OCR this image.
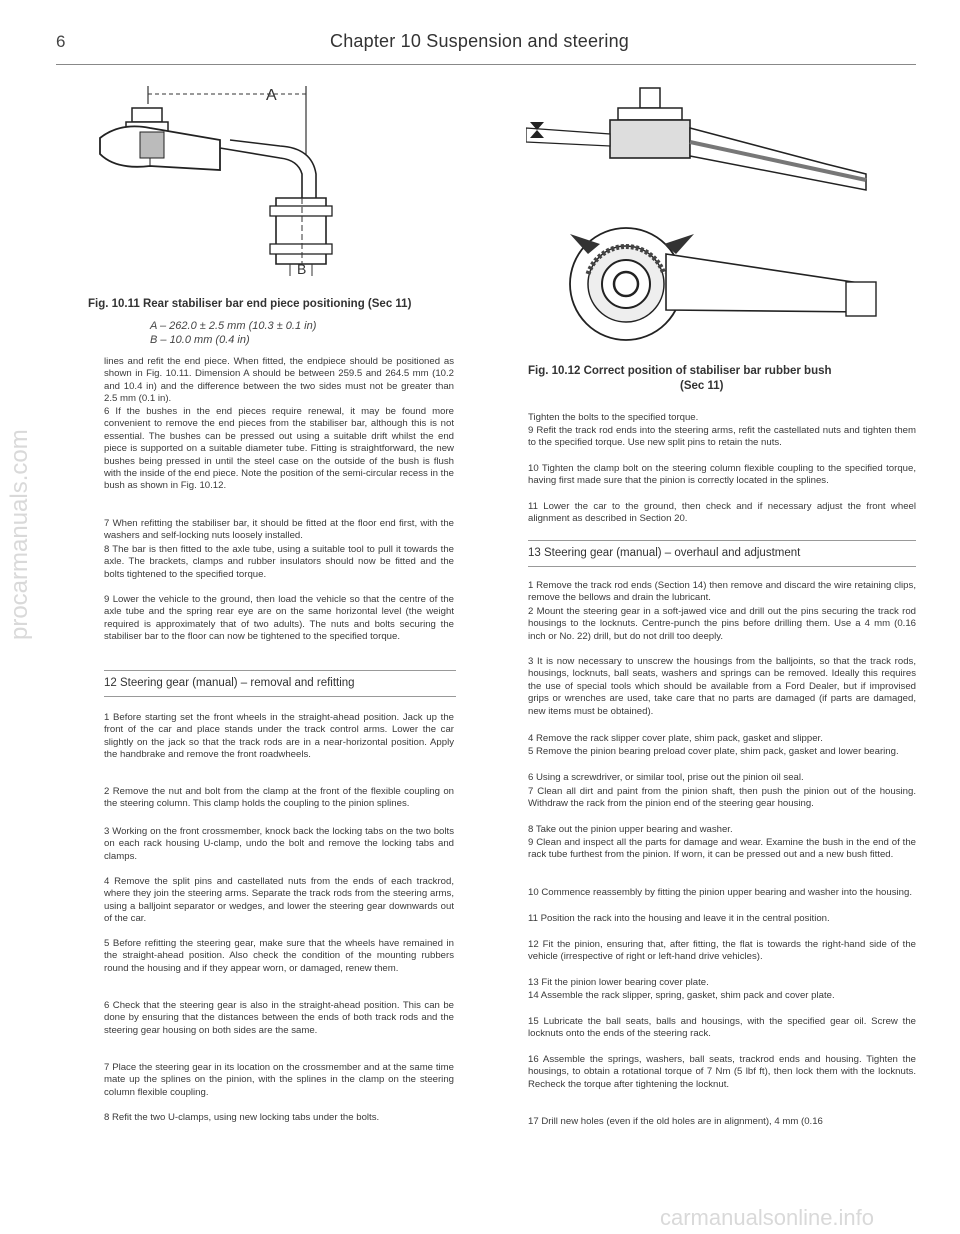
6	Chapter 10 Suspension and steering
A
B
Fig. 10.11 Rear stabiliser bar end piece positioning (Sec 11)
A – 262.0 ± 2.5 mm (10.3 ± 0.1 in)
B – 10.0 mm (0.4 in)
Fig. 10.12 Correct position of stabiliser bar rubber bush
(Sec 11)
lines and refit the end piece. When fitted, the endpiece should be positioned as shown in Fig. 10.11. Dimension A should be between 259.5 and 264.5 mm (10.2 and 10.4 in) and the difference between the two sides must not be greater than 2.5 mm (0.1 in).
6 If the bushes in the end pieces require renewal, it may be found more convenient to remove the end pieces from the stabiliser bar, although this is not essential. The bushes can be pressed out using a suitable drift whilst the end piece is supported on a suitable diameter tube. Fitting is straightforward, the new bushes being pressed in until the steel case on the outside of the bush is flush with the inside of the end piece. Note the position of the semi-circular recess in the bush as shown in Fig. 10.12.
7 When refitting the stabiliser bar, it should be fitted at the floor end first, with the washers and self-locking nuts loosely installed.
8 The bar is then fitted to the axle tube, using a suitable tool to pull it towards the axle. The brackets, clamps and rubber insulators should now be fitted and the bolts tightened to the specified torque.
9 Lower the vehicle to the ground, then load the vehicle so that the centre of the axle tube and the spring rear eye are on the same horizontal level (the weight required is approximately that of two adults). The nuts and bolts securing the stabiliser bar to the floor can now be tightened to the specified torque.
12 Steering gear (manual) – removal and refitting
1 Before starting set the front wheels in the straight-ahead position. Jack up the front of the car and place stands under the track control arms. Lower the car slightly on the jack so that the track rods are in a near-horizontal position. Apply the handbrake and remove the front roadwheels.
2 Remove the nut and bolt from the clamp at the front of the flexible coupling on the steering column. This clamp holds the coupling to the pinion splines.
3 Working on the front crossmember, knock back the locking tabs on the two bolts on each rack housing U-clamp, undo the bolt and remove the locking tabs and clamps.
4 Remove the split pins and castellated nuts from the ends of each trackrod, where they join the steering arms. Separate the track rods from the steering arms, using a balljoint separator or wedges, and lower the steering gear downwards out of the car.
5 Before refitting the steering gear, make sure that the wheels have remained in the straight-ahead position. Also check the condition of the mounting rubbers round the housing and if they appear worn, or damaged, renew them.
6 Check that the steering gear is also in the straight-ahead position. This can be done by ensuring that the distances between the ends of both track rods and the steering gear housing on both sides are the same.
7 Place the steering gear in its location on the crossmember and at the same time mate up the splines on the pinion, with the splines in the clamp on the steering column flexible coupling.
8 Refit the two U-clamps, using new locking tabs under the bolts.
Tighten the bolts to the specified torque.
9 Refit the track rod ends into the steering arms, refit the castellated nuts and tighten them to the specified torque. Use new split pins to retain the nuts.
10 Tighten the clamp bolt on the steering column flexible coupling to the specified torque, having first made sure that the pinion is correctly located in the splines.
11 Lower the car to the ground, then check and if necessary adjust the front wheel alignment as described in Section 20.
13 Steering gear (manual) – overhaul and adjustment
1 Remove the track rod ends (Section 14) then remove and discard the wire retaining clips, remove the bellows and drain the lubricant.
2 Mount the steering gear in a soft-jawed vice and drill out the pins securing the track rod housings to the locknuts. Centre-punch the pins before drilling them. Use a 4 mm (0.16 inch or No. 22) drill, but do not drill too deeply.
3 It is now necessary to unscrew the housings from the balljoints, so that the track rods, housings, locknuts, ball seats, washers and springs can be removed. Ideally this requires the use of special tools which should be available from a Ford Dealer, but if improvised grips or wrenches are used, take care that no parts are damaged (if parts are damaged, new items must be obtained).
4 Remove the rack slipper cover plate, shim pack, gasket and slipper.
5 Remove the pinion bearing preload cover plate, shim pack, gasket and lower bearing.
6 Using a screwdriver, or similar tool, prise out the pinion oil seal.
7 Clean all dirt and paint from the pinion shaft, then push the pinion out of the housing. Withdraw the rack from the pinion end of the steering gear housing.
8 Take out the pinion upper bearing and washer.
9 Clean and inspect all the parts for damage and wear. Examine the bush in the end of the rack tube furthest from the pinion. If worn, it can be pressed out and a new bush fitted.
10 Commence reassembly by fitting the pinion upper bearing and washer into the housing.
11 Position the rack into the housing and leave it in the central position.
12 Fit the pinion, ensuring that, after fitting, the flat is towards the right-hand side of the vehicle (irrespective of right or left-hand drive vehicles).
13 Fit the pinion lower bearing cover plate.
14 Assemble the rack slipper, spring, gasket, shim pack and cover plate.
15 Lubricate the ball seats, balls and housings, with the specified gear oil. Screw the locknuts onto the ends of the steering rack.
16 Assemble the springs, washers, ball seats, trackrod ends and housing. Tighten the housings, to obtain a rotational torque of 7 Nm (5 lbf ft), then lock them with the locknuts. Recheck the torque after tightening the locknut.
17 Drill new holes (even if the old holes are in alignment), 4 mm (0.16
procarmanuals.com
carmanualsonline.info
